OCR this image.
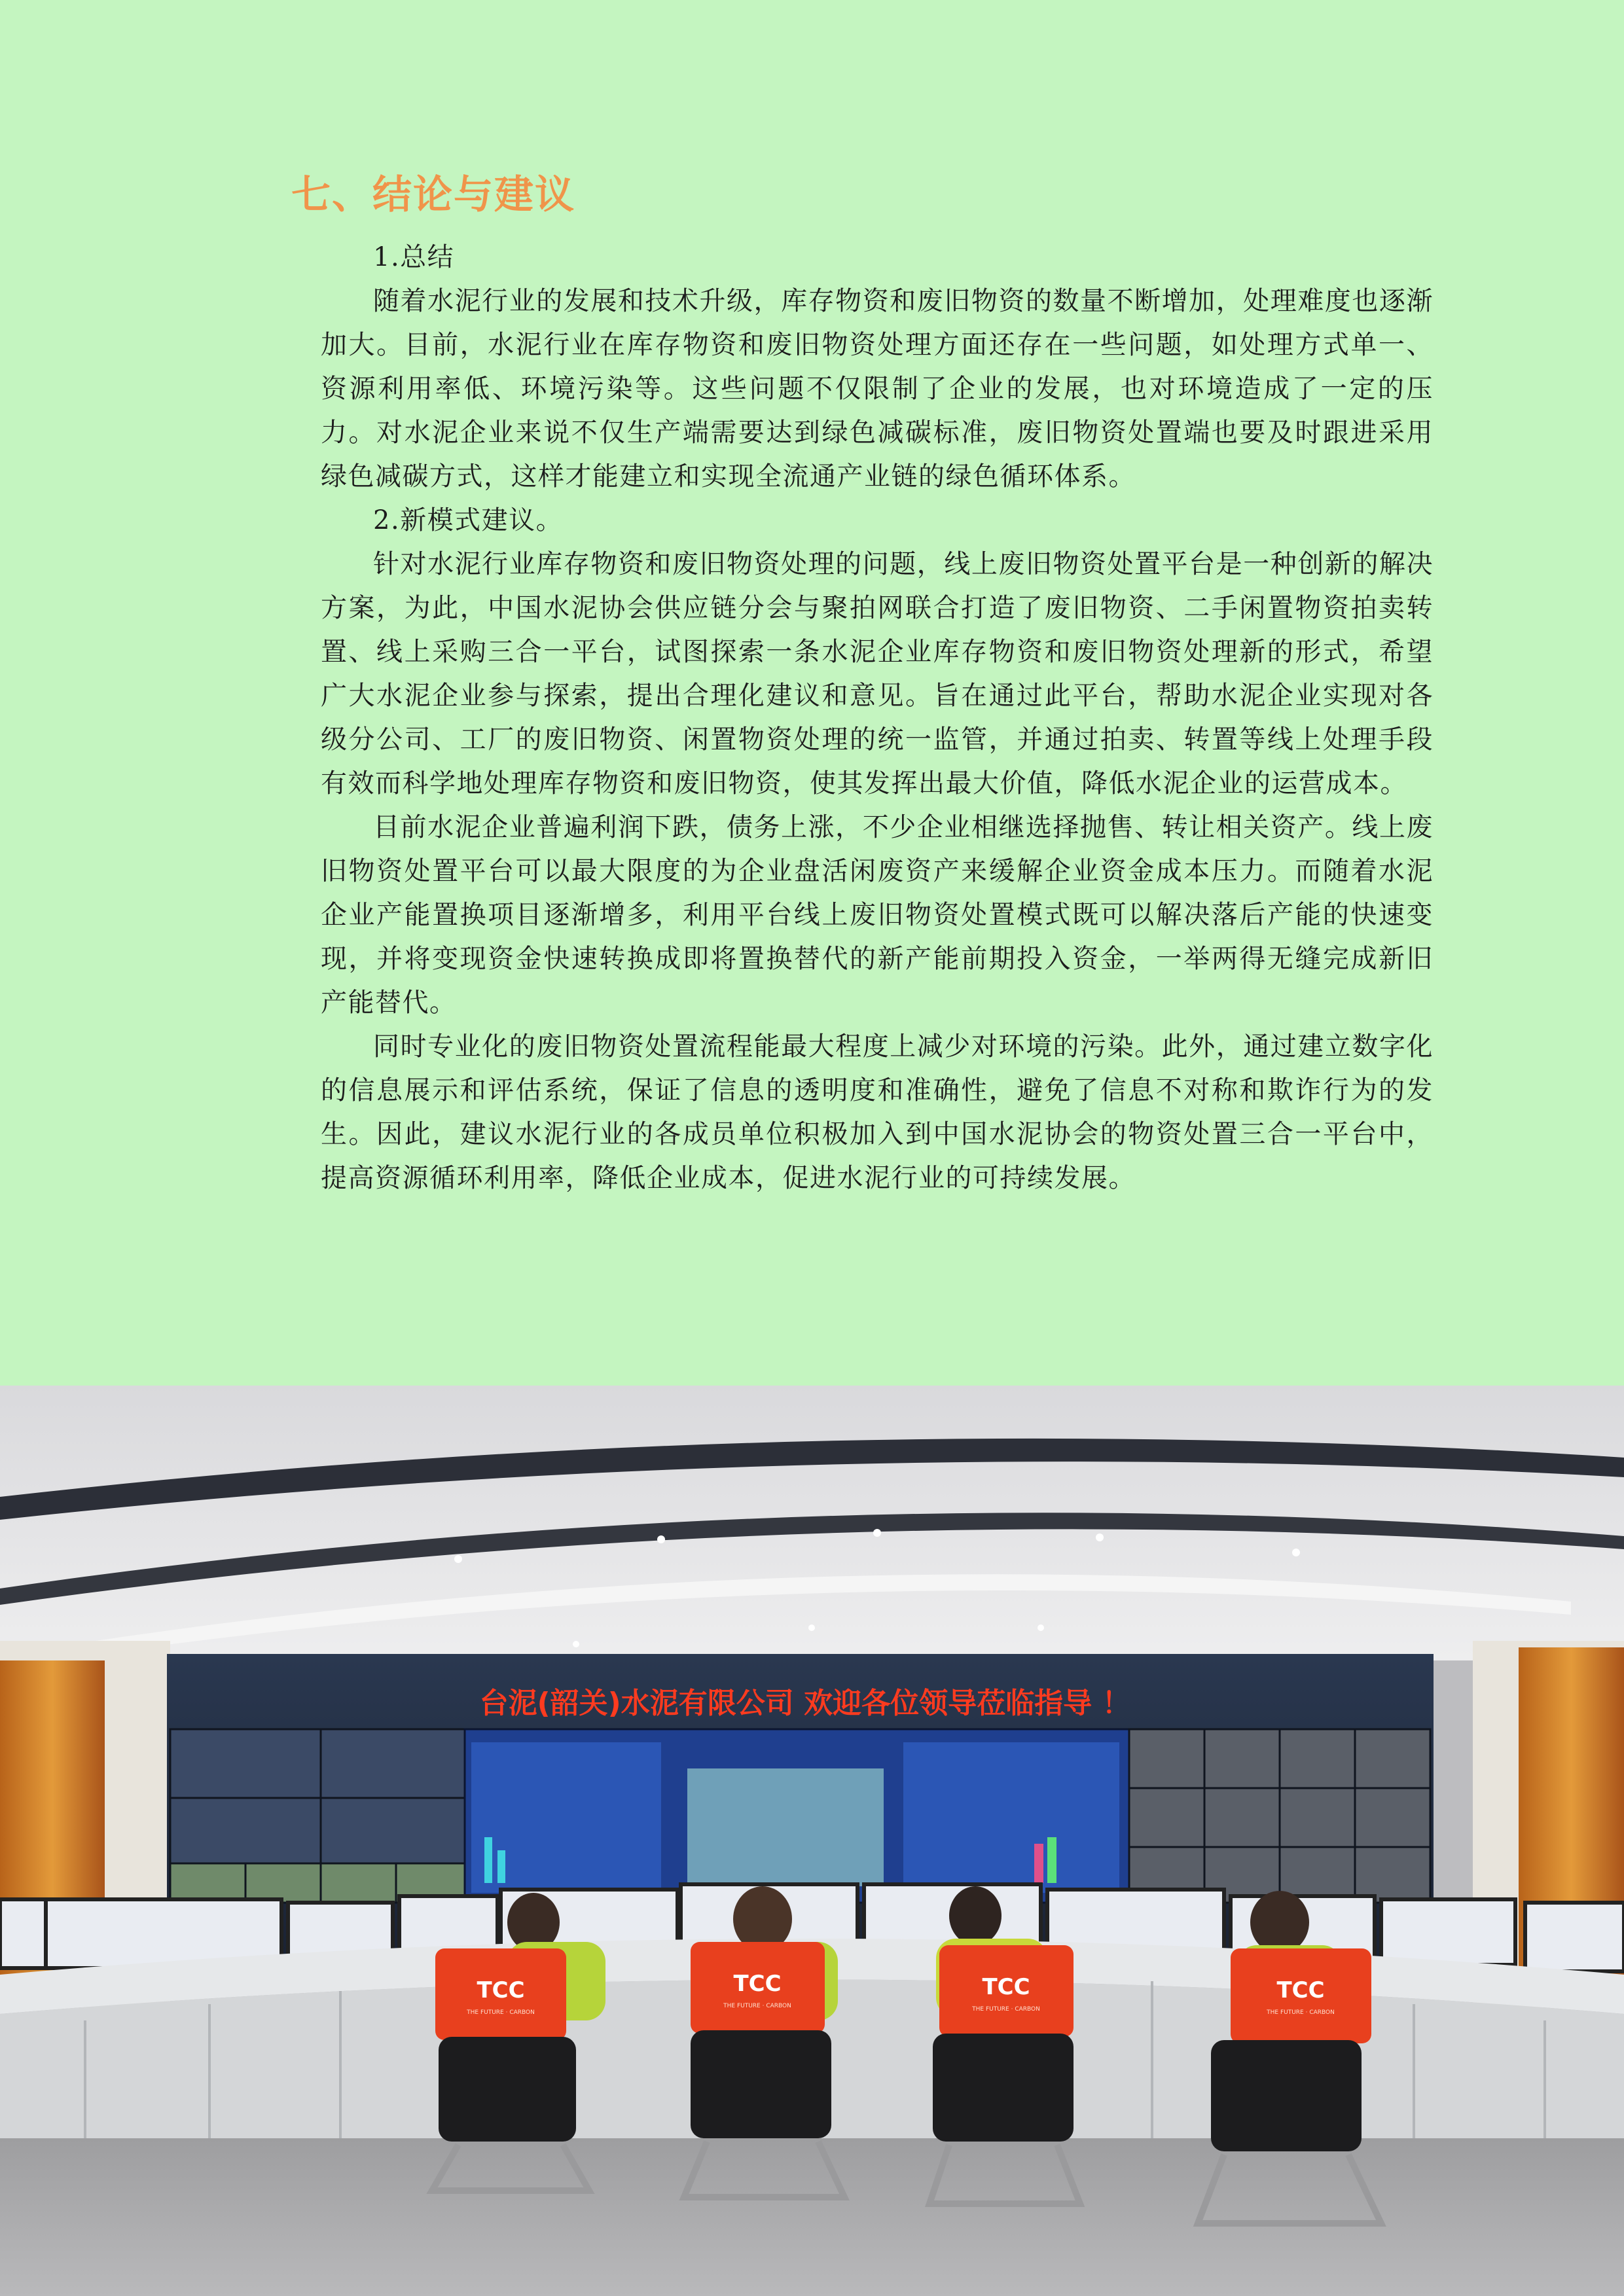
七、结论与建议

1.总结

随着水泥行业的发展和技术升级，库存物资和废旧物资的数量不断增加，处理难度也逐渐加大。目前，水泥行业在库存物资和废旧物资处理方面还存在一些问题，如处理方式单一、资源利用率低、环境污染等。这些问题不仅限制了企业的发展，也对环境造成了一定的压力。对水泥企业来说不仅生产端需要达到绿色减碳标准，废旧物资处置端也要及时跟进采用绿色减碳方式，这样才能建立和实现全流通产业链的绿色循环体系。

2.新模式建议。

针对水泥行业库存物资和废旧物资处理的问题，线上废旧物资处置平台是一种创新的解决方案，为此，中国水泥协会供应链分会与聚拍网联合打造了废旧物资、二手闲置物资拍卖转置、线上采购三合一平台，试图探索一条水泥企业库存物资和废旧物资处理新的形式，希望广大水泥企业参与探索，提出合理化建议和意见。旨在通过此平台，帮助水泥企业实现对各级分公司、工厂的废旧物资、闲置物资处理的统一监管，并通过拍卖、转置等线上处理手段有效而科学地处理库存物资和废旧物资，使其发挥出最大价值，降低水泥企业的运营成本。

目前水泥企业普遍利润下跌，债务上涨，不少企业相继选择抛售、转让相关资产。线上废旧物资处置平台可以最大限度的为企业盘活闲废资产来缓解企业资金成本压力。而随着水泥企业产能置换项目逐渐增多，利用平台线上废旧物资处置模式既可以解决落后产能的快速变现，并将变现资金快速转换成即将置换替代的新产能前期投入资金，一举两得无缝完成新旧产能替代。

同时专业化的废旧物资处置流程能最大程度上减少对环境的污染。此外，通过建立数字化的信息展示和评估系统，保证了信息的透明度和准确性，避免了信息不对称和欺诈行为的发生。因此，建议水泥行业的各成员单位积极加入到中国水泥协会的物资处置三合一平台中，提高资源循环利用率，降低企业成本，促进水泥行业的可持续发展。

台泥(韶关)水泥有限公司 欢迎各位领导莅临指导 ！
TCC	TCC	TCC	TCC
THE FUTURE · CARBON
THE FUTURE · CARBON	THE FUTURE · CARBON	THE FUTURE · CARBON
